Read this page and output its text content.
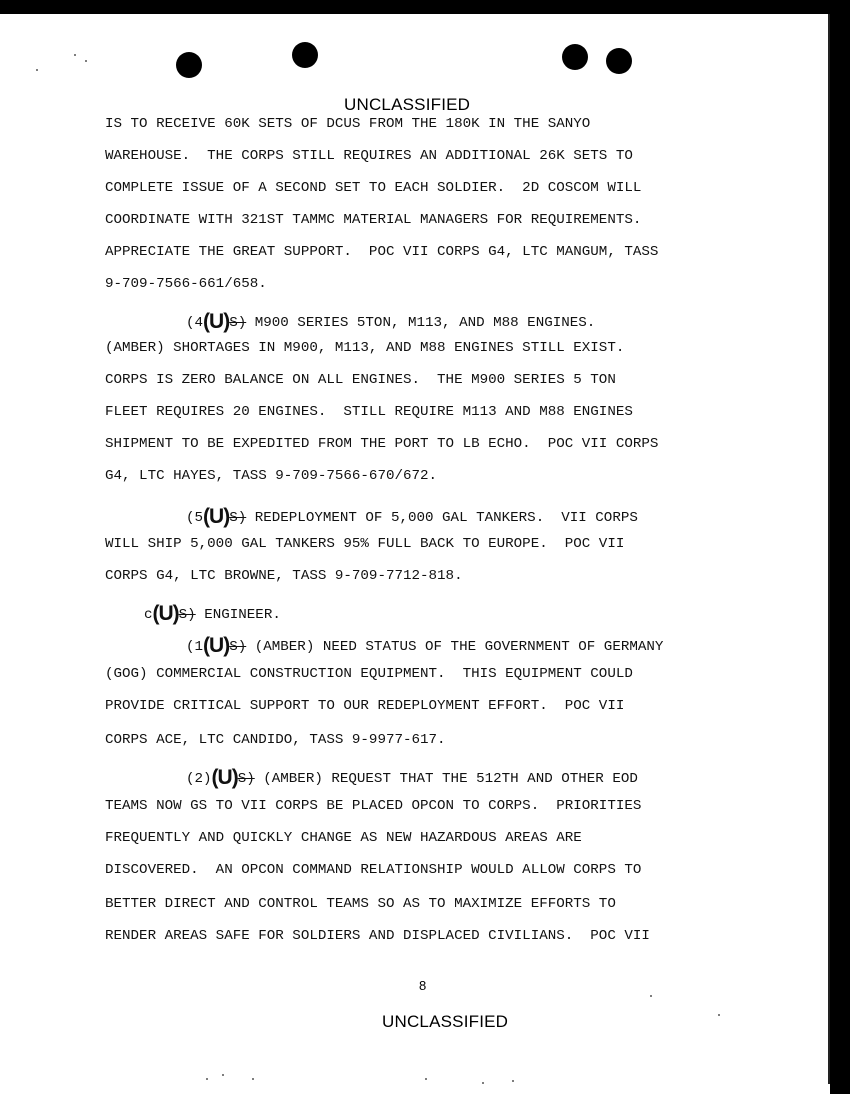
UNCLASSIFIED
IS TO RECEIVE 60K SETS OF DCUS FROM THE 180K IN THE SANYO
WAREHOUSE.  THE CORPS STILL REQUIRES AN ADDITIONAL 26K SETS TO
COMPLETE ISSUE OF A SECOND SET TO EACH SOLDIER.  2D COSCOM WILL
COORDINATE WITH 321ST TAMMC MATERIAL MANAGERS FOR REQUIREMENTS.
APPRECIATE THE GREAT SUPPORT.  POC VII CORPS G4, LTC MANGUM, TASS
9-709-7566-661/658.
(4(U)S) M900 SERIES 5TON, M113, AND M88 ENGINES.
(AMBER) SHORTAGES IN M900, M113, AND M88 ENGINES STILL EXIST.
CORPS IS ZERO BALANCE ON ALL ENGINES.  THE M900 SERIES 5 TON
FLEET REQUIRES 20 ENGINES.  STILL REQUIRE M113 AND M88 ENGINES
SHIPMENT TO BE EXPEDITED FROM THE PORT TO LB ECHO.  POC VII CORPS
G4, LTC HAYES, TASS 9-709-7566-670/672.
(5(U)S) REDEPLOYMENT OF 5,000 GAL TANKERS.  VII CORPS
WILL SHIP 5,000 GAL TANKERS 95% FULL BACK TO EUROPE.  POC VII
CORPS G4, LTC BROWNE, TASS 9-709-7712-818.
c(U)S) ENGINEER.
(1(U)S) (AMBER) NEED STATUS OF THE GOVERNMENT OF GERMANY
(GOG) COMMERCIAL CONSTRUCTION EQUIPMENT.  THIS EQUIPMENT COULD
PROVIDE CRITICAL SUPPORT TO OUR REDEPLOYMENT EFFORT.  POC VII
CORPS ACE, LTC CANDIDO, TASS 9-9977-617.
(2)(U)S) (AMBER) REQUEST THAT THE 512TH AND OTHER EOD
TEAMS NOW GS TO VII CORPS BE PLACED OPCON TO CORPS.  PRIORITIES
FREQUENTLY AND QUICKLY CHANGE AS NEW HAZARDOUS AREAS ARE
DISCOVERED.  AN OPCON COMMAND RELATIONSHIP WOULD ALLOW CORPS TO
BETTER DIRECT AND CONTROL TEAMS SO AS TO MAXIMIZE EFFORTS TO
RENDER AREAS SAFE FOR SOLDIERS AND DISPLACED CIVILIANS.  POC VII
8
UNCLASSIFIED
